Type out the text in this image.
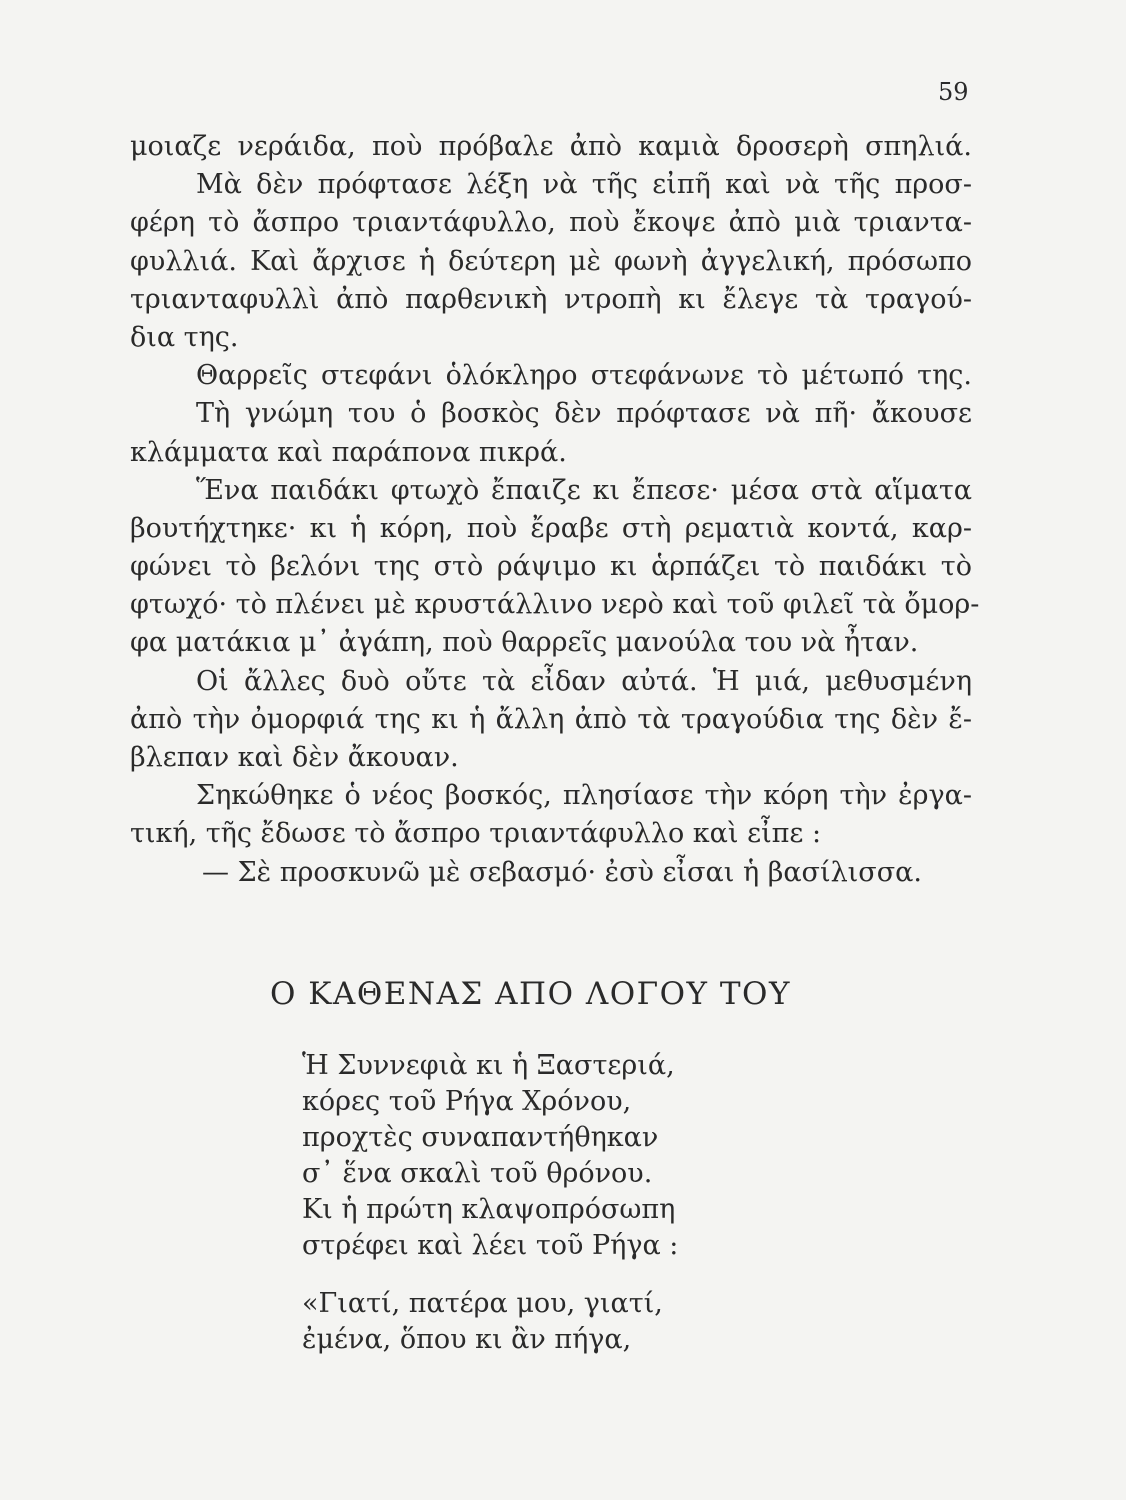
59
μοιαζε νεράιδα, ποὺ πρόβαλε ἀπὸ καμιὰ δροσερὴ σπηλιά.
Μὰ δὲν πρόφτασε λέξη νὰ τῆς εἰπῆ καὶ νὰ τῆς προσ-
φέρη τὸ ἄσπρο τριαντάφυλλο, ποὺ ἔκοψε ἀπὸ μιὰ τριαντα-
φυλλιά. Καὶ ἄρχισε ἡ δεύτερη μὲ φωνὴ ἀγγελική, πρόσωπο
τριανταφυλλὶ ἀπὸ παρθενικὴ ντροπὴ κι ἔλεγε τὰ τραγού-
δια της.
Θαρρεῖς στεφάνι ὁλόκληρο στεφάνωνε τὸ μέτωπό της.
Τὴ γνώμη του ὁ βοσκὸς δὲν πρόφτασε νὰ πῆ· ἄκουσε
κλάμματα καὶ παράπονα πικρά.
Ἕνα παιδάκι φτωχὸ ἔπαιζε κι ἔπεσε· μέσα στὰ αἵματα
βουτήχτηκε· κι ἡ κόρη, ποὺ ἔραβε στὴ ρεματιὰ κοντά, καρ-
φώνει τὸ βελόνι της στὸ ράψιμο κι ἁρπάζει τὸ παιδάκι τὸ
φτωχό· τὸ πλένει μὲ κρυστάλλινο νερὸ καὶ τοῦ φιλεῖ τὰ ὄμορ-
φα ματάκια μ᾿ ἀγάπη, ποὺ θαρρεῖς μανούλα του νὰ ἦταν.
Οἱ ἄλλες δυὸ οὔτε τὰ εἶδαν αὐτά. Ἡ μιά, μεθυσμένη
ἀπὸ τὴν ὀμορφιά της κι ἡ ἄλλη ἀπὸ τὰ τραγούδια της δὲν ἔ-
βλεπαν καὶ δὲν ἄκουαν.
Σηκώθηκε ὁ νέος βοσκός, πλησίασε τὴν κόρη τὴν ἐργα-
τική, τῆς ἔδωσε τὸ ἄσπρο τριαντάφυλλο καὶ εἶπε :
— Σὲ προσκυνῶ μὲ σεβασμό· ἐσὺ εἶσαι ἡ βασίλισσα.
Ο ΚΑΘΕΝΑΣ ΑΠΟ ΛΟΓΟΥ ΤΟΥ
Ἡ Συννεφιὰ κι ἡ Ξαστεριά,
κόρες τοῦ Ρήγα Χρόνου,
προχτὲς συναπαντήθηκαν
σ᾿ ἕνα σκαλὶ τοῦ θρόνου.
Κι ἡ πρώτη κλαψοπρόσωπη
στρέφει καὶ λέει τοῦ Ρήγα :
«Γιατί, πατέρα μου, γιατί,
ἐμένα, ὅπου κι ἂν πήγα,
